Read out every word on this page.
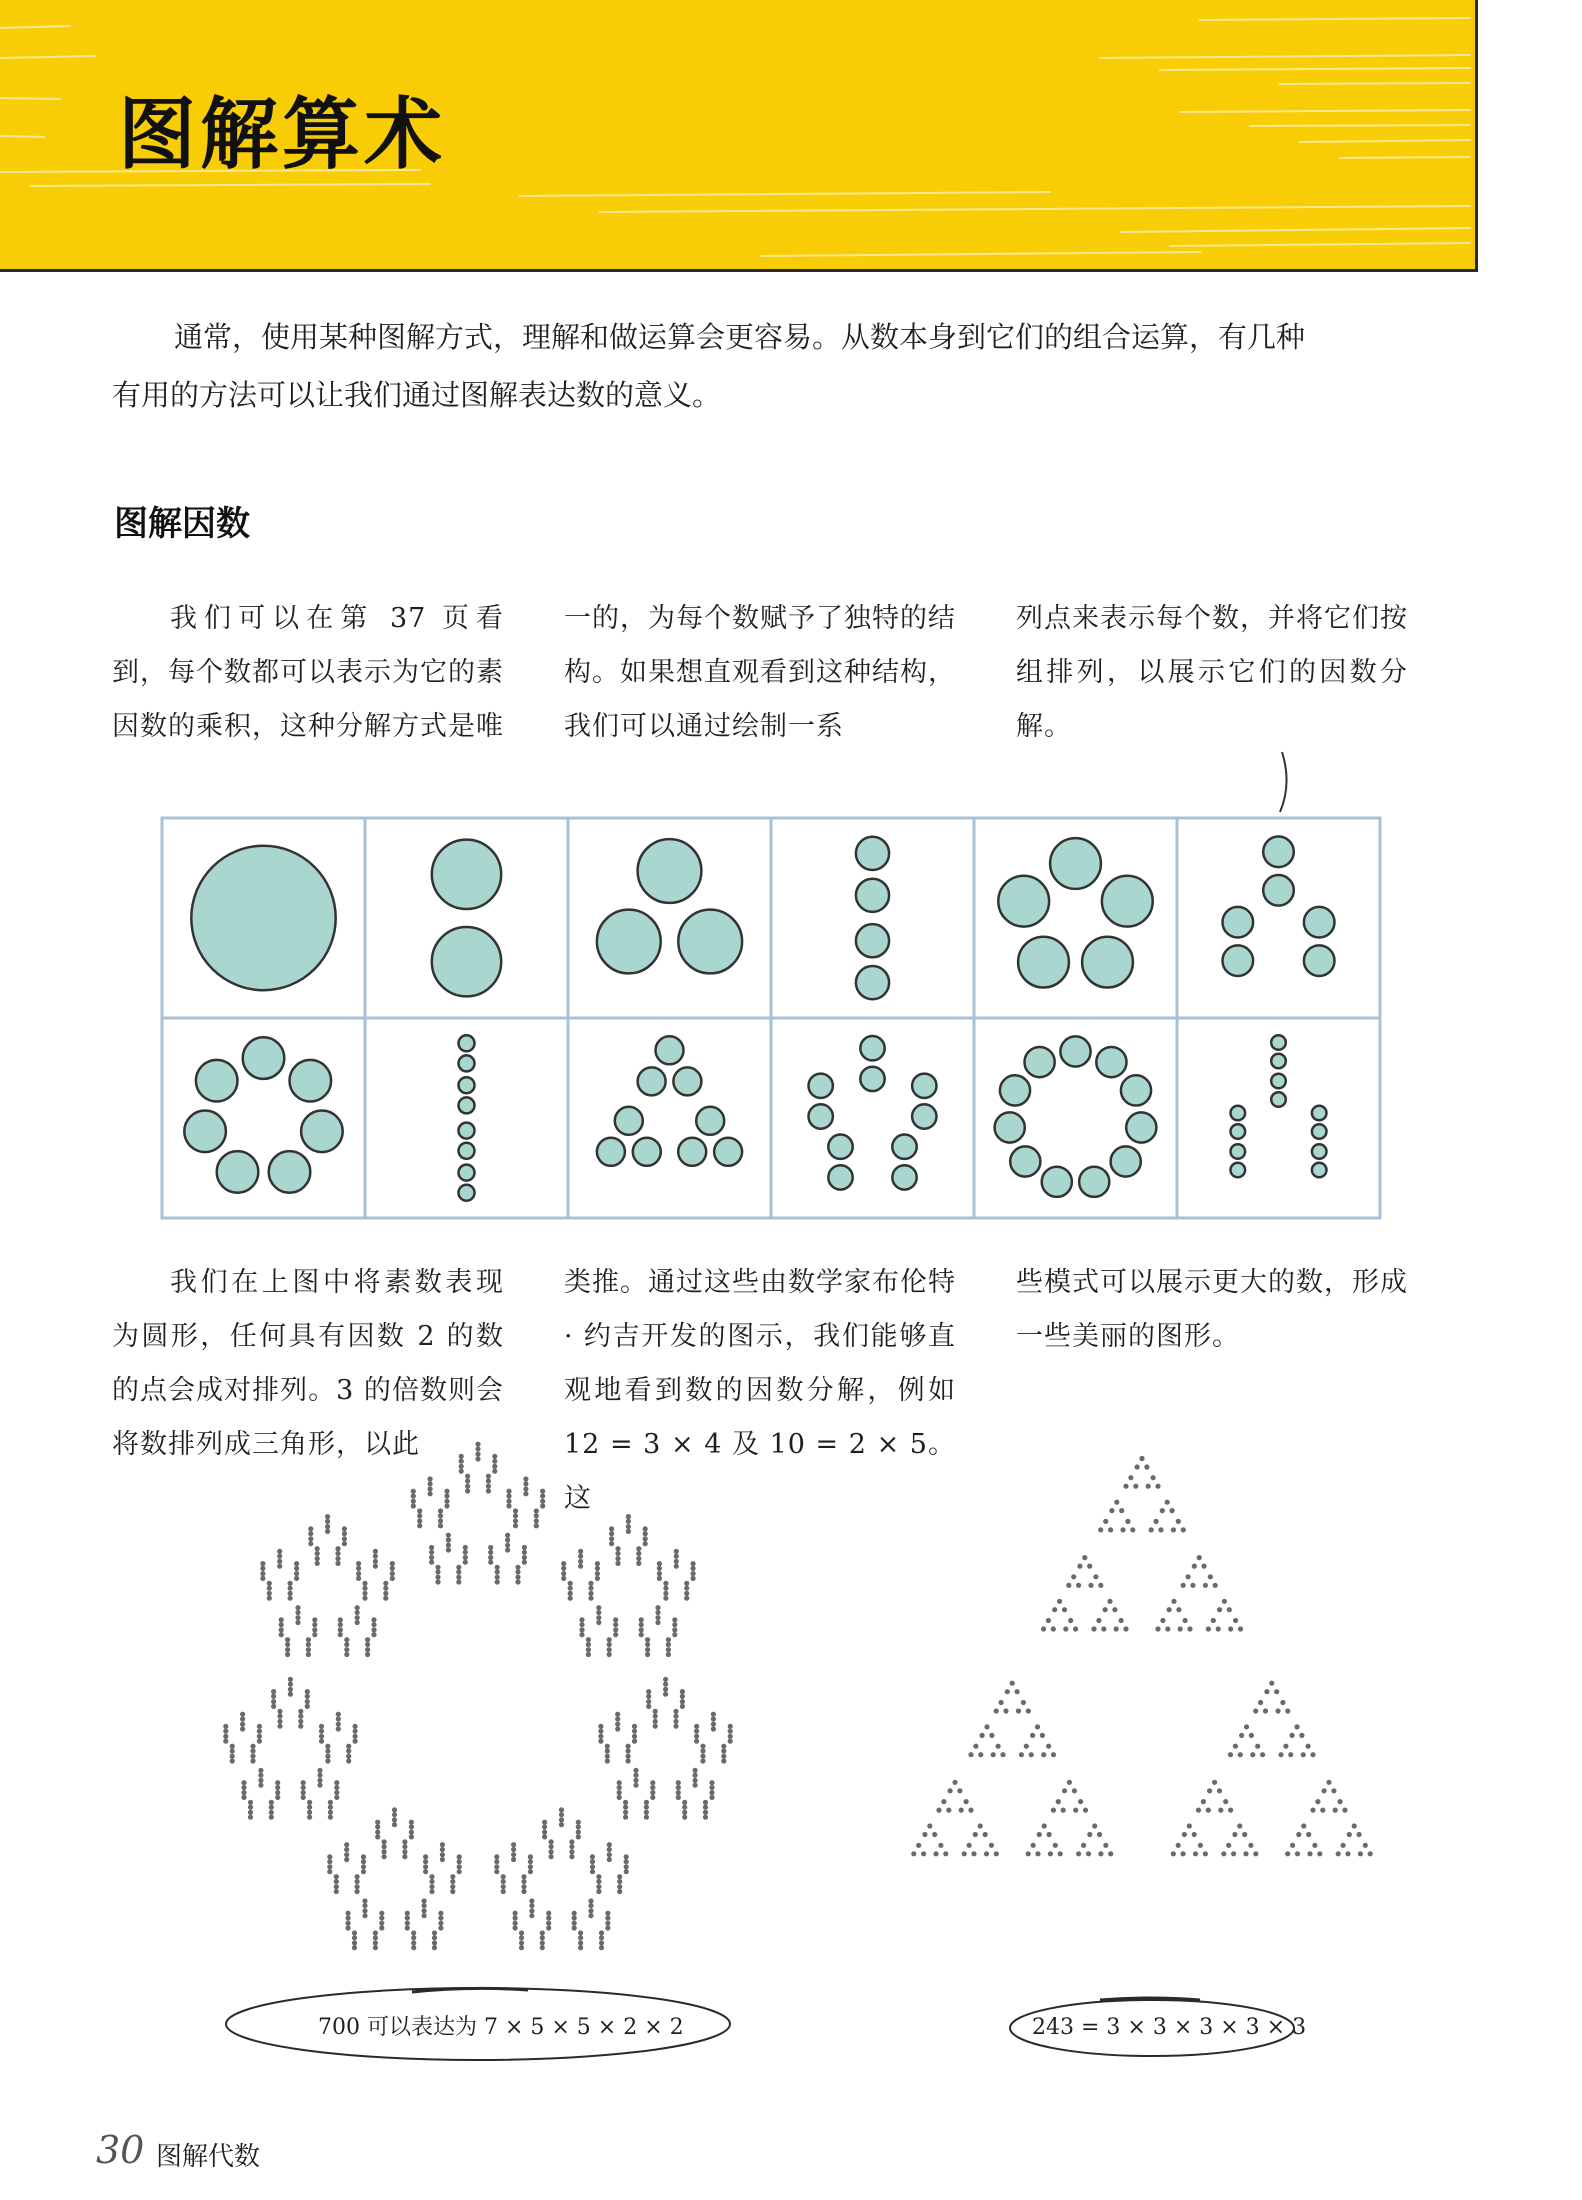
图解算术

通常，使用某种图解方式，理解和做运算会更容易。从数本身到它们的组合运算，有几种有用的方法可以让我们通过图解表达数的意义。

图解因数

我们可以在第 37 页看到，每个数都可以表示为它的素因数的乘积，这种分解方式是唯

一的，为每个数赋予了独特的结构。如果想直观看到这种结构，我们可以通过绘制一系

列点来表示每个数，并将它们按组排列，以展示它们的因数分解。

我们在上图中将素数表现为圆形，任何具有因数 2 的数的点会成对排列。3 的倍数则会将数排列成三角形，以此

类推。通过这些由数学家布伦特 · 约吉开发的图示，我们能够直观地看到数的因数分解，例如 12 = 3 × 4 及 10 = 2 × 5。这

些模式可以展示更大的数，形成一些美丽的图形。

700 可以表达为 7 × 5 × 5 × 2 × 2	243 = 3 × 3 × 3 × 3 × 3
30 图解代数
